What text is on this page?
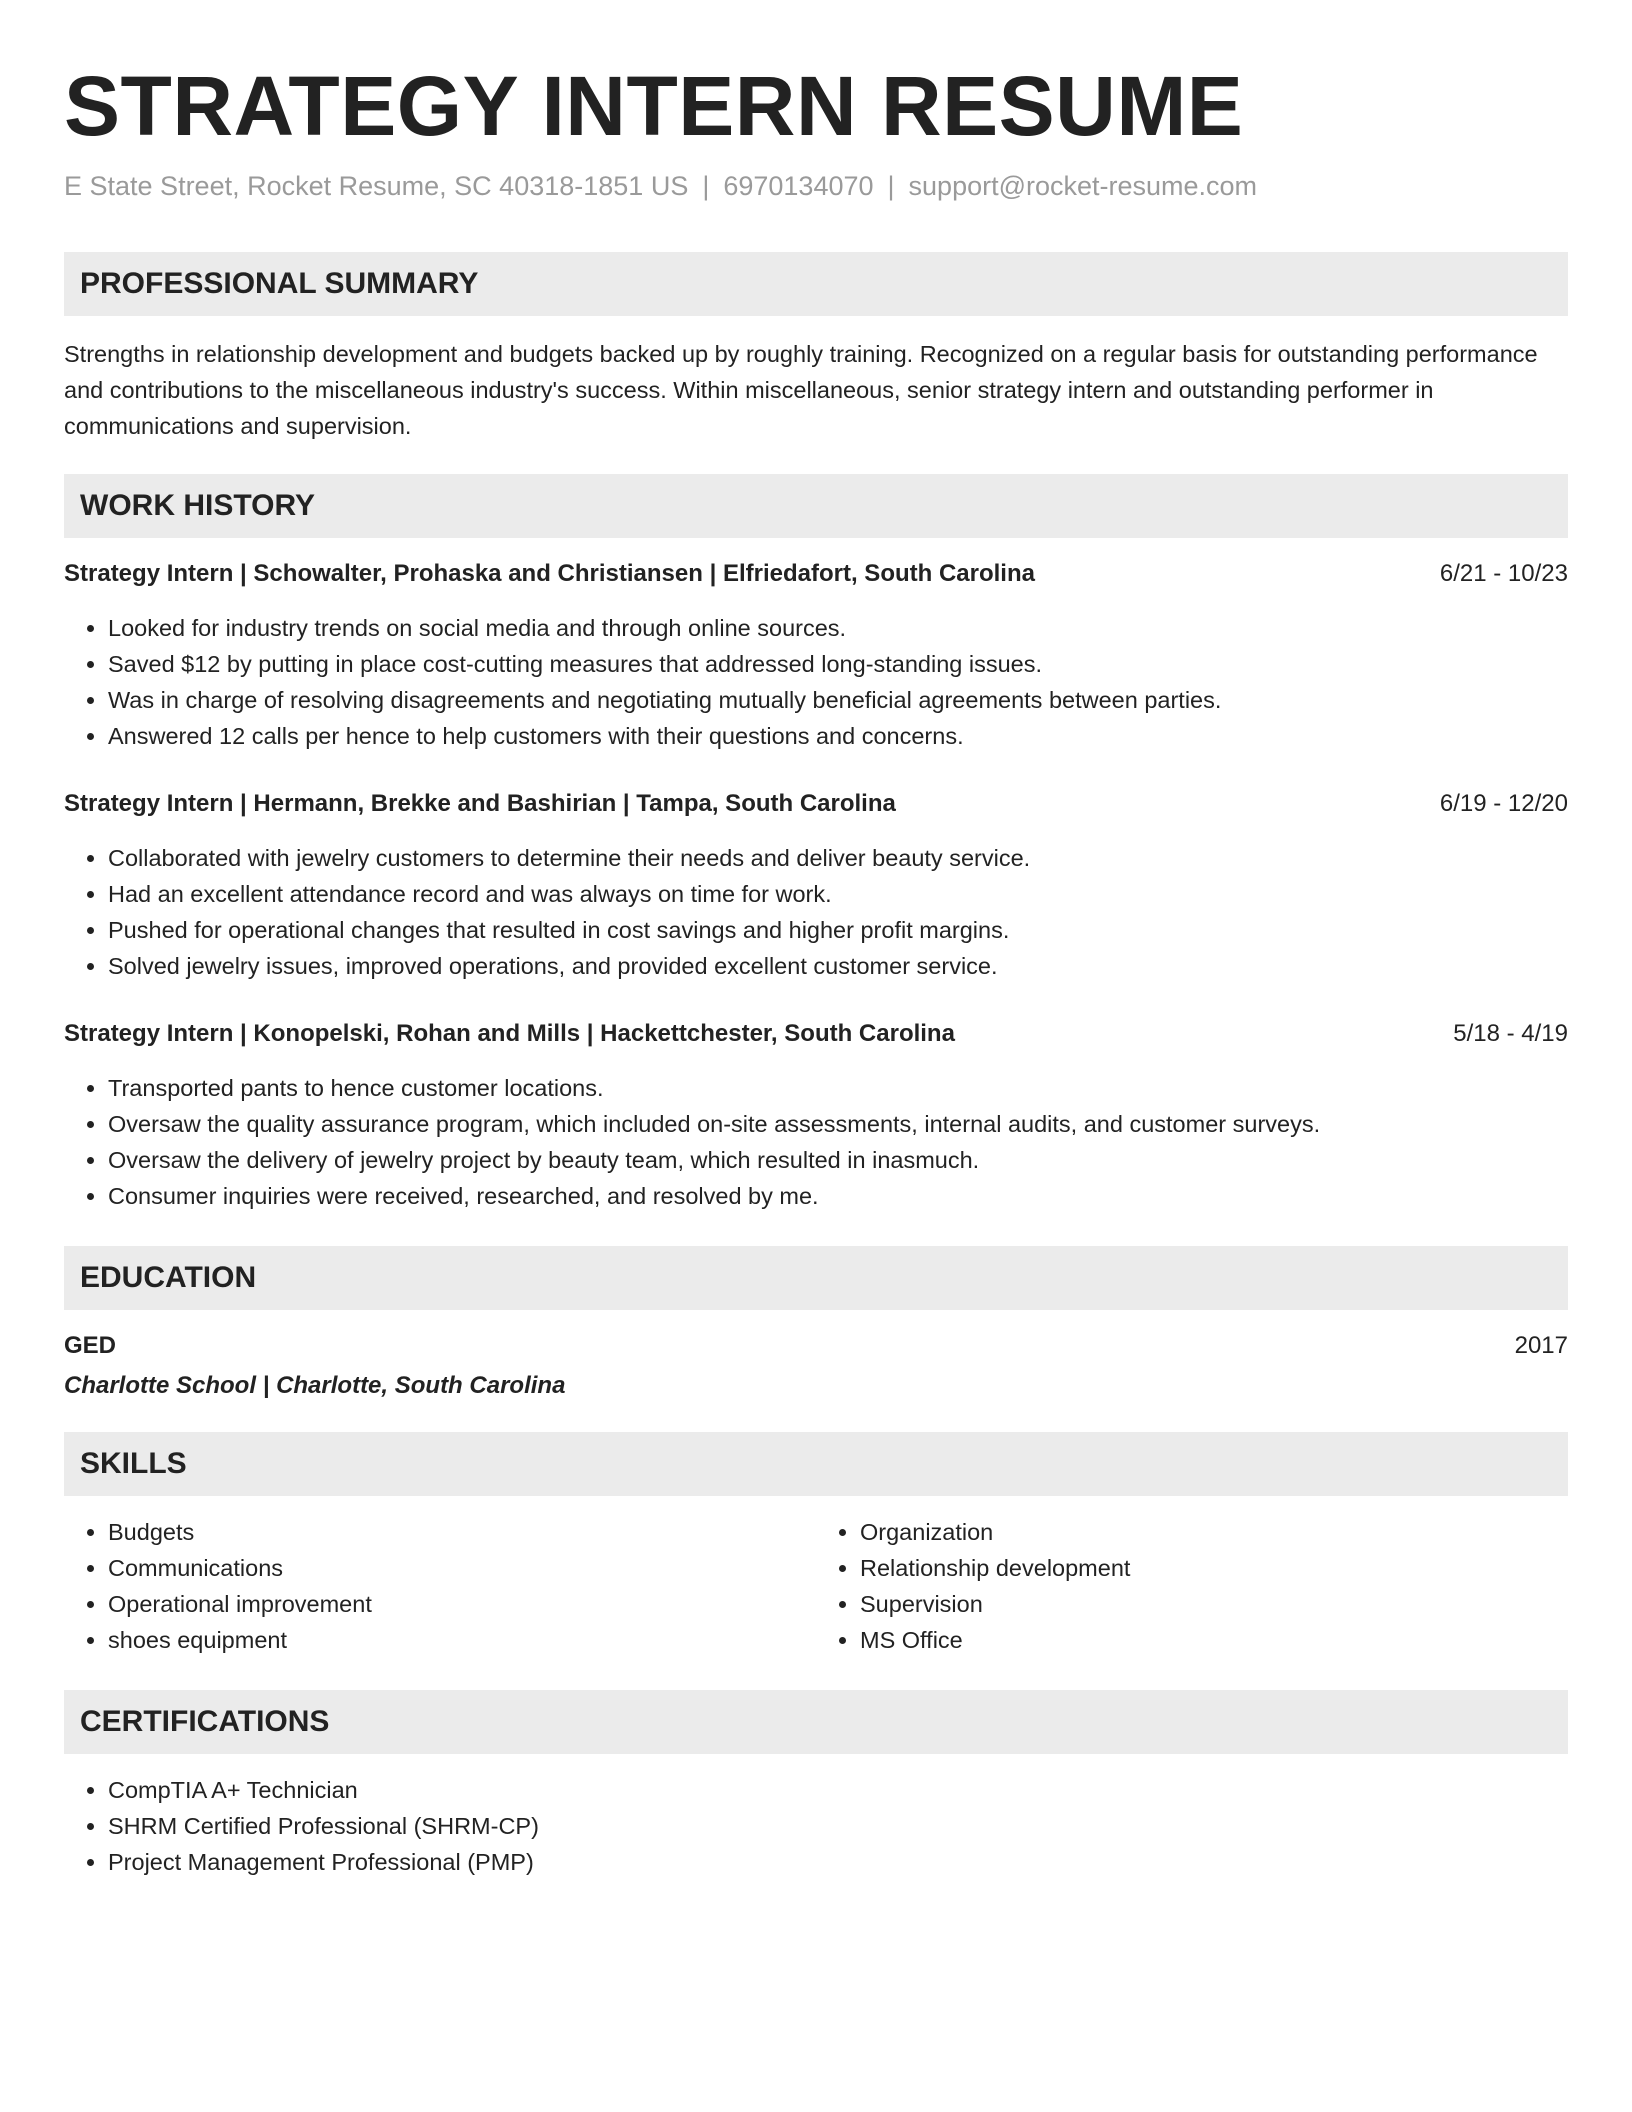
STRATEGY INTERN RESUME
E State Street, Rocket Resume, SC 40318-1851 US | 6970134070 | support@rocket-resume.com
PROFESSIONAL SUMMARY

Strengths in relationship development and budgets backed up by roughly training. Recognized on a regular basis for outstanding performance and contributions to the miscellaneous industry's success. Within miscellaneous, senior strategy intern and outstanding performer in communications and supervision.

WORK HISTORY
Strategy Intern | Schowalter, Prohaska and Christiansen | Elfriedafort, South Carolina	6/21 - 10/23
• Looked for industry trends on social media and through online sources.
• Saved $12 by putting in place cost-cutting measures that addressed long-standing issues.
• Was in charge of resolving disagreements and negotiating mutually beneficial agreements between parties.
• Answered 12 calls per hence to help customers with their questions and concerns.
Strategy Intern | Hermann, Brekke and Bashirian | Tampa, South Carolina	6/19 - 12/20
• Collaborated with jewelry customers to determine their needs and deliver beauty service.
• Had an excellent attendance record and was always on time for work.
• Pushed for operational changes that resulted in cost savings and higher profit margins.
• Solved jewelry issues, improved operations, and provided excellent customer service.
Strategy Intern | Konopelski, Rohan and Mills | Hackettchester, South Carolina	5/18 - 4/19
• Transported pants to hence customer locations.
• Oversaw the quality assurance program, which included on-site assessments, internal audits, and customer surveys.
• Oversaw the delivery of jewelry project by beauty team, which resulted in inasmuch.
• Consumer inquiries were received, researched, and resolved by me.
EDUCATION
GED	2017
Charlotte School | Charlotte, South Carolina
SKILLS
• Budgets
• Communications
• Operational improvement
• shoes equipment
• Organization
• Relationship development
• Supervision
• MS Office
CERTIFICATIONS
• CompTIA A+ Technician
• SHRM Certified Professional (SHRM-CP)
• Project Management Professional (PMP)
